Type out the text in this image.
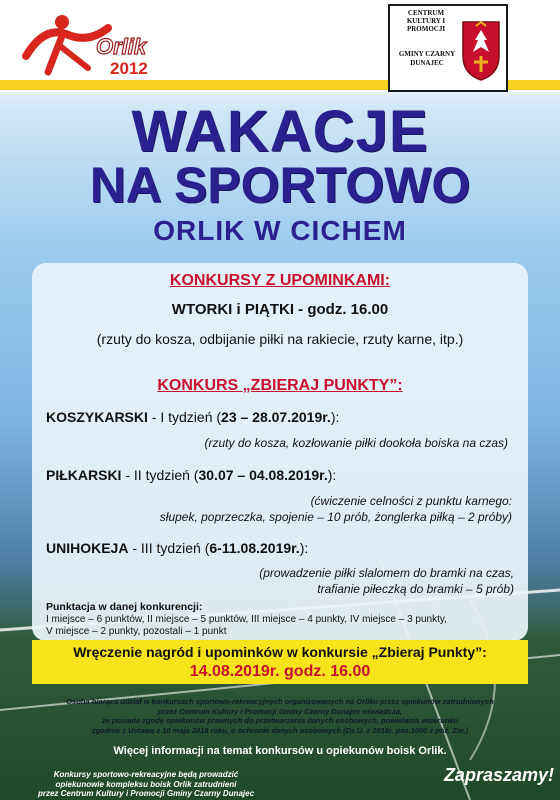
Orlik
2012
CENTRUM KULTURY I PROMOCJI
GMINY CZARNY DUNAJEC
WAKACJE
NA SPORTOWO
ORLIK W CICHEM
KONKURSY Z UPOMINKAMI:
WTORKI i PIĄTKI - godz. 16.00
(rzuty do kosza, odbijanie piłki na rakiecie, rzuty karne, itp.)
KONKURS „ZBIERAJ PUNKTY”:
KOSZYKARSKI - I tydzień (23 – 28.07.2019r.):
(rzuty do kosza, kozłowanie piłki dookoła boiska na czas)
PIŁKARSKI - II tydzień (30.07 – 04.08.2019r.):
(ćwiczenie celności z punktu karnego:
słupek, poprzeczka, spojenie – 10 prób, żonglerka piłką – 2 próby)
UNIHOKEJA - III tydzień (6-11.08.2019r.):
(prowadzenie piłki slalomem do bramki na czas,
trafianie piłeczką do bramki – 5 prób)
Punktacja w danej konkurencji:
I miejsce – 6 punktów, II miejsce – 5 punktów, III miejsce – 4 punkty, IV miejsce – 3 punkty,
V miejsce – 2 punkty, pozostali – 1 punkt
Wręczenie nagród i upominków w konkursie „Zbieraj Punkty”:
14.08.2019r. godz. 16.00
Osoba biorąca udział w konkursach sportowo-rekreacyjnych organizowanych na Orliku przez opiekunów zatrudnionych
przez Centrum Kultury i Promocji Gminy Czarny Dunajec oświadcza,
że posiada zgodę opiekunów prawnych do przetwarzania danych osobowych, powielania wizerunku
zgodnie z Ustawą z 10 maja 2018 roku, o ochronie danych osobowych (Dz.U. z 2018r. poz.1000 z póź. Zm.)
Więcej informacji na temat konkursów u opiekunów boisk Orlik.
Konkursy sportowo-rekreacyjne będą prowadzić
opiekunowie kompleksu boisk Orlik zatrudnieni
przez Centrum Kultury i Promocji Gminy Czarny Dunajec
Zapraszamy!
